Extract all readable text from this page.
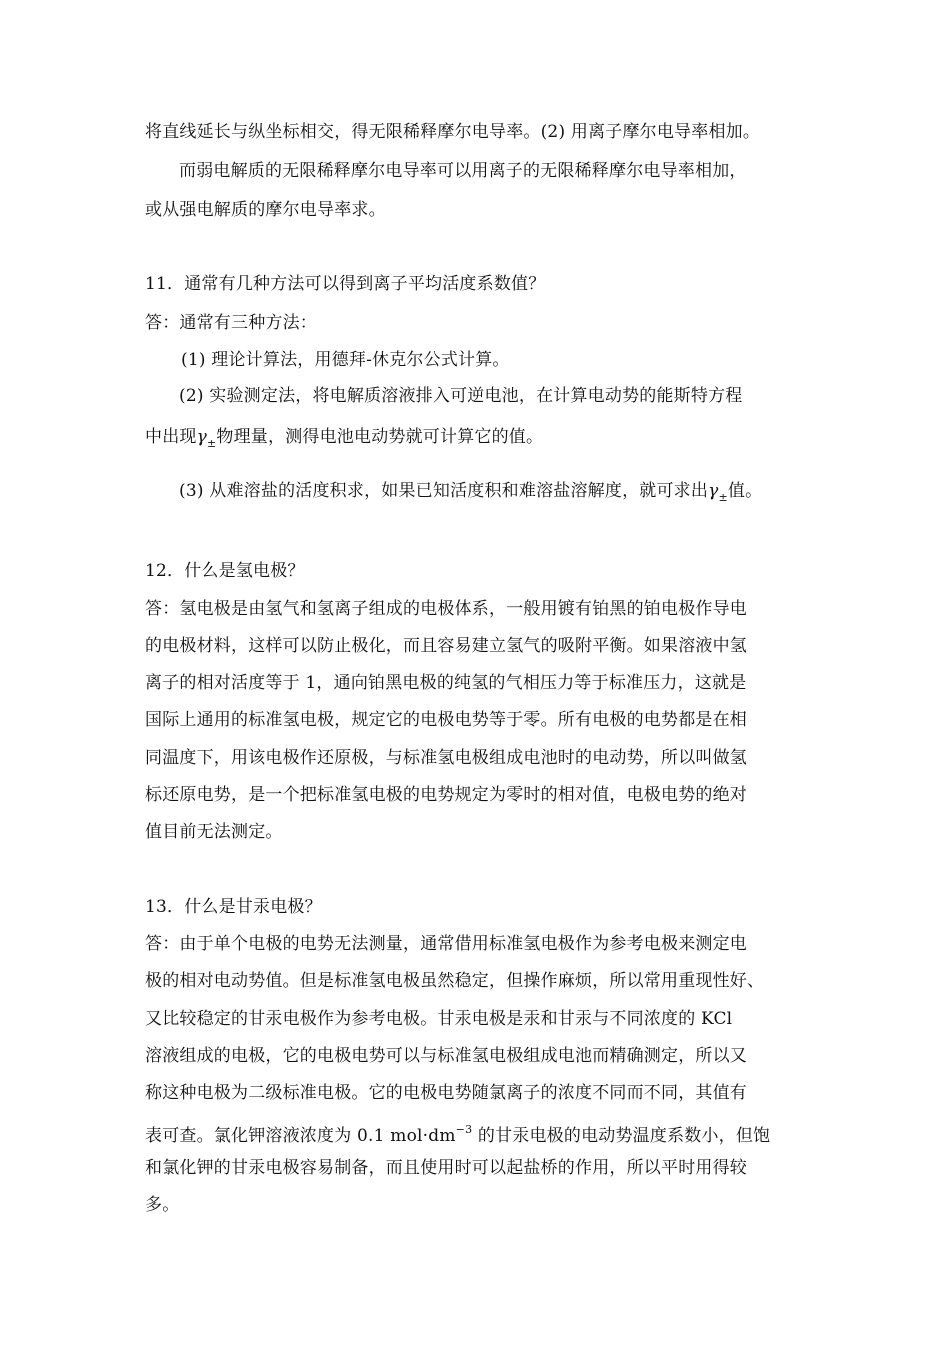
将直线延长与纵坐标相交，得无限稀释摩尔电导率。(2) 用离子摩尔电导率相加。
而弱电解质的无限稀释摩尔电导率可以用离子的无限稀释摩尔电导率相加，
或从强电解质的摩尔电导率求。
11．通常有几种方法可以得到离子平均活度系数值？
答：通常有三种方法：
(1) 理论计算法，用德拜-休克尔公式计算。
(2) 实验测定法，将电解质溶液排入可逆电池，在计算电动势的能斯特方程
中出现$\gamma_\pm$物理量，测得电池电动势就可计算它的值。
(3) 从难溶盐的活度积求，如果已知活度积和难溶盐溶解度，就可求出$\gamma_\pm$值。
12．什么是氢电极？
答：氢电极是由氢气和氢离子组成的电极体系，一般用镀有铂黑的铂电极作导电
的电极材料，这样可以防止极化，而且容易建立氢气的吸附平衡。如果溶液中氢
离子的相对活度等于 1，通向铂黑电极的纯氢的气相压力等于标准压力，这就是
国际上通用的标准氢电极，规定它的电极电势等于零。所有电极的电势都是在相
同温度下，用该电极作还原极，与标准氢电极组成电池时的电动势，所以叫做氢
标还原电势，是一个把标准氢电极的电势规定为零时的相对值，电极电势的绝对
值目前无法测定。
13．什么是甘汞电极？
答：由于单个电极的电势无法测量，通常借用标准氢电极作为参考电极来测定电
极的相对电动势值。但是标准氢电极虽然稳定，但操作麻烦，所以常用重现性好、
又比较稳定的甘汞电极作为参考电极。甘汞电极是汞和甘汞与不同浓度的 KCl
溶液组成的电极，它的电极电势可以与标准氢电极组成电池而精确测定，所以又
称这种电极为二级标准电极。它的电极电势随氯离子的浓度不同而不同，其值有
表可查。氯化钾溶液浓度为 0.1 $mol\cdot dm^{-3}$ 的甘汞电极的电动势温度系数小，但饱
和氯化钾的甘汞电极容易制备，而且使用时可以起盐桥的作用，所以平时用得较
多。
